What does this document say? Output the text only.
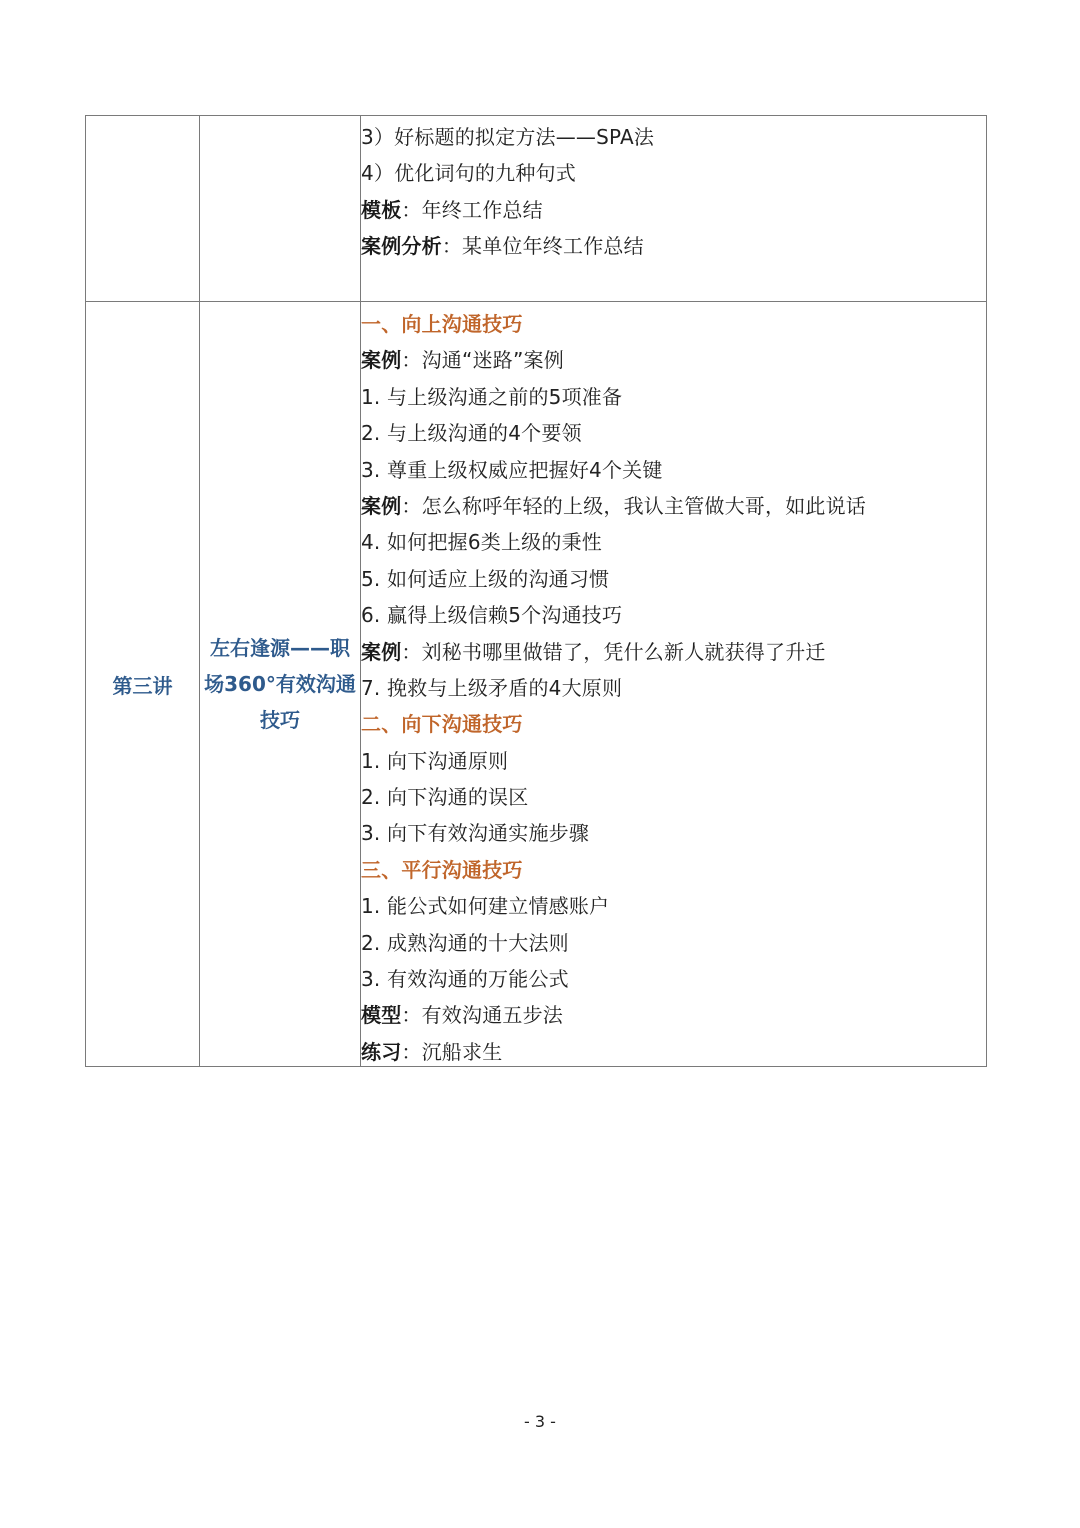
3）好标题的拟定方法——SPA法
4）优化词句的九种句式
模板：年终工作总结
案例分析：某单位年终工作总结
第三讲
左右逢源——职场360°有效沟通技巧
一、向上沟通技巧
案例：沟通“迷路”案例
1. 与上级沟通之前的5项准备
2. 与上级沟通的4个要领
3. 尊重上级权威应把握好4个关键
案例：怎么称呼年轻的上级，我认主管做大哥，如此说话
4. 如何把握6类上级的秉性
5. 如何适应上级的沟通习惯
6. 赢得上级信赖5个沟通技巧
案例：刘秘书哪里做错了，凭什么新人就获得了升迁
7. 挽救与上级矛盾的4大原则
二、向下沟通技巧
1. 向下沟通原则
2. 向下沟通的误区
3. 向下有效沟通实施步骤
三、平行沟通技巧
1. 能公式如何建立情感账户
2. 成熟沟通的十大法则
3. 有效沟通的万能公式
模型：有效沟通五步法
练习：沉船求生
- 3 -
